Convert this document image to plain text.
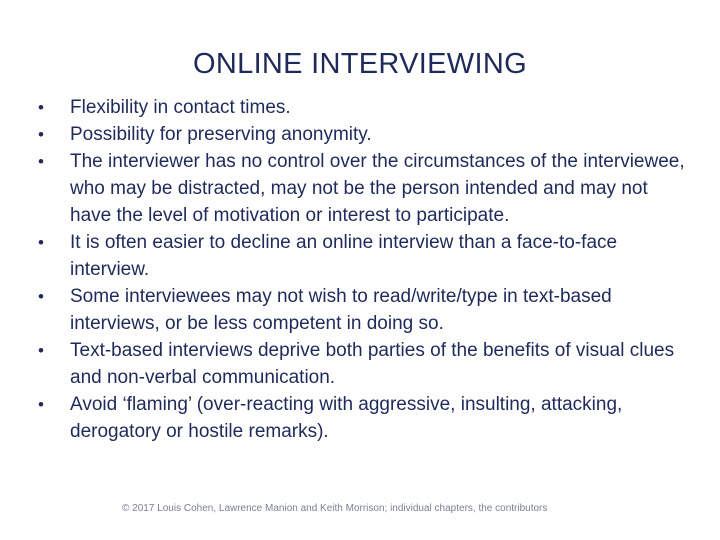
ONLINE INTERVIEWING
•	Flexibility in contact times.
•	Possibility for preserving anonymity.
•	The interviewer has no control over the circumstances of the interviewee, who may be distracted, may not be the person intended and may not have the level of motivation or interest to participate.
•	It is often easier to decline an online interview than a face-to-face interview.
•	Some interviewees may not wish to read/write/type in text-based interviews, or be less competent in doing so.
•	Text‑based interviews deprive both parties of the benefits of visual clues and non‑verbal communication.
•	Avoid ‘flaming’ (over-reacting with aggressive, insulting, attacking, derogatory or hostile remarks).
© 2017 Louis Cohen, Lawrence Manion and Keith Morrison; individual chapters, the contributors
